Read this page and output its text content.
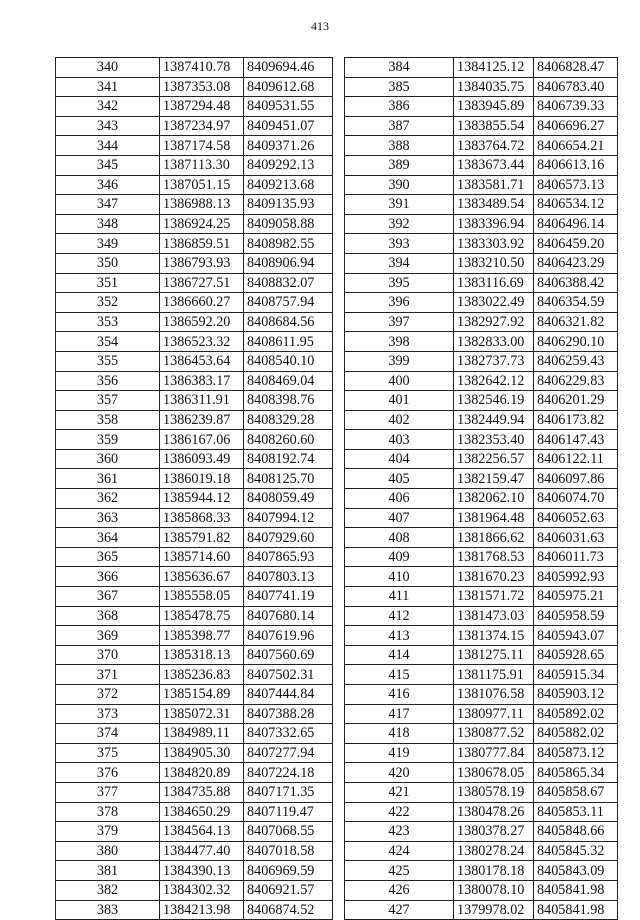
413
340	1387410.78	8409694.46
341	1387353.08	8409612.68
342	1387294.48	8409531.55
343	1387234.97	8409451.07
344	1387174.58	8409371.26
345	1387113.30	8409292.13
346	1387051.15	8409213.68
347	1386988.13	8409135.93
348	1386924.25	8409058.88
349	1386859.51	8408982.55
350	1386793.93	8408906.94
351	1386727.51	8408832.07
352	1386660.27	8408757.94
353	1386592.20	8408684.56
354	1386523.32	8408611.95
355	1386453.64	8408540.10
356	1386383.17	8408469.04
357	1386311.91	8408398.76
358	1386239.87	8408329.28
359	1386167.06	8408260.60
360	1386093.49	8408192.74
361	1386019.18	8408125.70
362	1385944.12	8408059.49
363	1385868.33	8407994.12
364	1385791.82	8407929.60
365	1385714.60	8407865.93
366	1385636.67	8407803.13
367	1385558.05	8407741.19
368	1385478.75	8407680.14
369	1385398.77	8407619.96
370	1385318.13	8407560.69
371	1385236.83	8407502.31
372	1385154.89	8407444.84
373	1385072.31	8407388.28
374	1384989.11	8407332.65
375	1384905.30	8407277.94
376	1384820.89	8407224.18
377	1384735.88	8407171.35
378	1384650.29	8407119.47
379	1384564.13	8407068.55
380	1384477.40	8407018.58
381	1384390.13	8406969.59
382	1384302.32	8406921.57
383	1384213.98	8406874.52
384	1384125.12	8406828.47
385	1384035.75	8406783.40
386	1383945.89	8406739.33
387	1383855.54	8406696.27
388	1383764.72	8406654.21
389	1383673.44	8406613.16
390	1383581.71	8406573.13
391	1383489.54	8406534.12
392	1383396.94	8406496.14
393	1383303.92	8406459.20
394	1383210.50	8406423.29
395	1383116.69	8406388.42
396	1383022.49	8406354.59
397	1382927.92	8406321.82
398	1382833.00	8406290.10
399	1382737.73	8406259.43
400	1382642.12	8406229.83
401	1382546.19	8406201.29
402	1382449.94	8406173.82
403	1382353.40	8406147.43
404	1382256.57	8406122.11
405	1382159.47	8406097.86
406	1382062.10	8406074.70
407	1381964.48	8406052.63
408	1381866.62	8406031.63
409	1381768.53	8406011.73
410	1381670.23	8405992.93
411	1381571.72	8405975.21
412	1381473.03	8405958.59
413	1381374.15	8405943.07
414	1381275.11	8405928.65
415	1381175.91	8405915.34
416	1381076.58	8405903.12
417	1380977.11	8405892.02
418	1380877.52	8405882.02
419	1380777.84	8405873.12
420	1380678.05	8405865.34
421	1380578.19	8405858.67
422	1380478.26	8405853.11
423	1380378.27	8405848.66
424	1380278.24	8405845.32
425	1380178.18	8405843.09
426	1380078.10	8405841.98
427	1379978.02	8405841.98
